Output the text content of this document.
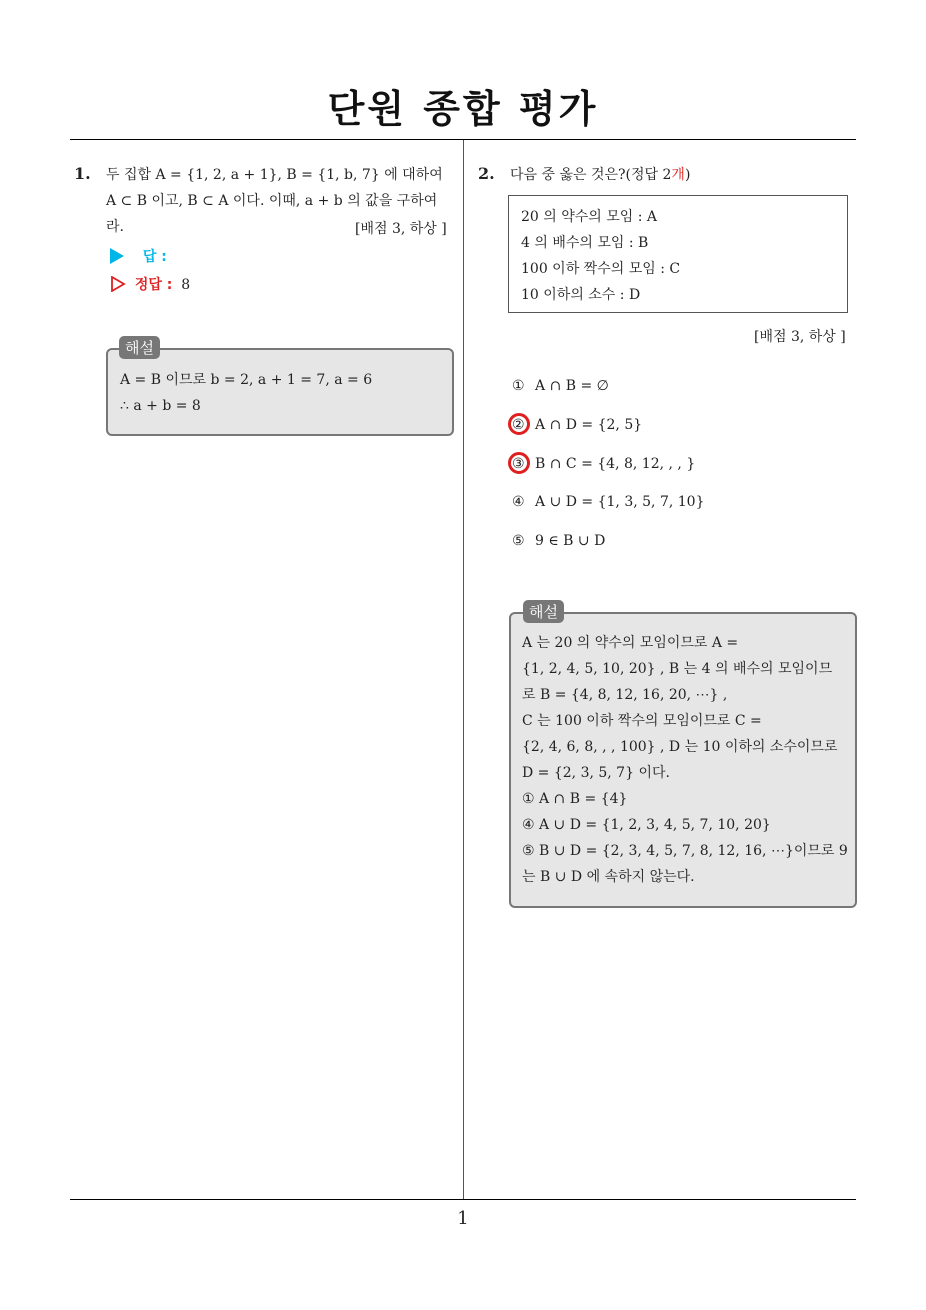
단원 종합 평가
1. 두 집합 A = {1, 2, a + 1}, B = {1, b, 7} 에 대하여
A ⊂ B 이고, B ⊂ A 이다. 이때, a + b 의 값을 구하여
라.	[배점 3, 하상 ]
답 :
정답 : 8
해설
A = B 이므로 b = 2, a + 1 = 7, a = 6
∴ a + b = 8
2. 다음 중 옳은 것은?(정답 2개)
20 의 약수의 모임 : A
4 의 배수의 모임 : B
100 이하 짝수의 모임 : C
10 이하의 소수 : D
[배점 3, 하상 ]
① A ∩ B = ∅
② A ∩ D = {2, 5}
③ B ∩ C = {4, 8, 12, , , }
④ A ∪ D = {1, 3, 5, 7, 10}
⑤ 9 ∈ B ∪ D
해설
A 는 20 의 약수의 모임이므로 A =
{1, 2, 4, 5, 10, 20} , B 는 4 의 배수의 모임이므
로 B = {4, 8, 12, 16, 20, ⋯} ,
C 는 100 이하 짝수의 모임이므로 C =
{2, 4, 6, 8, , , 100} , D 는 10 이하의 소수이므로
D = {2, 3, 5, 7} 이다.
① A ∩ B = {4}
④ A ∪ D = {1, 2, 3, 4, 5, 7, 10, 20}
⑤ B ∪ D = {2, 3, 4, 5, 7, 8, 12, 16, ⋯}이므로 9
는 B ∪ D 에 속하지 않는다.
1
